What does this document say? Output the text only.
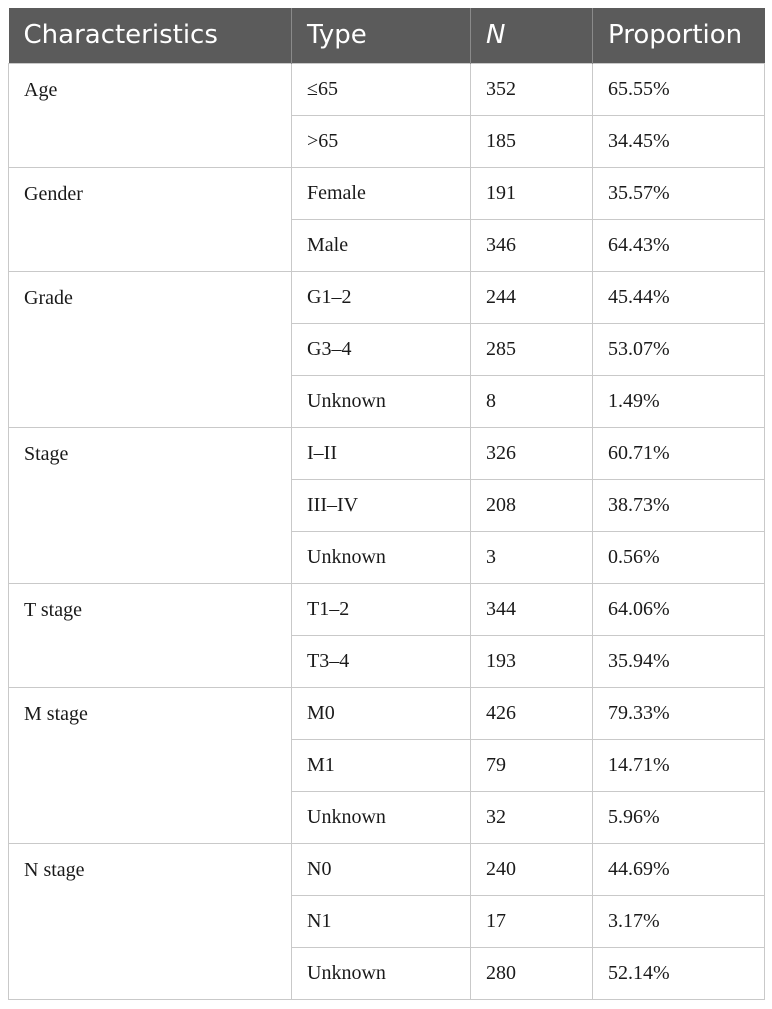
Characteristics	Type	N	Proportion
Age	≤65	352	65.55%
	>65	185	34.45%
Gender	Female	191	35.57%
	Male	346	64.43%
Grade	G1–2	244	45.44%
	G3–4	285	53.07%
	Unknown	8	1.49%
Stage	I–II	326	60.71%
	III–IV	208	38.73%
	Unknown	3	0.56%
T stage	T1–2	344	64.06%
	T3–4	193	35.94%
M stage	M0	426	79.33%
	M1	79	14.71%
	Unknown	32	5.96%
N stage	N0	240	44.69%
	N1	17	3.17%
	Unknown	280	52.14%
